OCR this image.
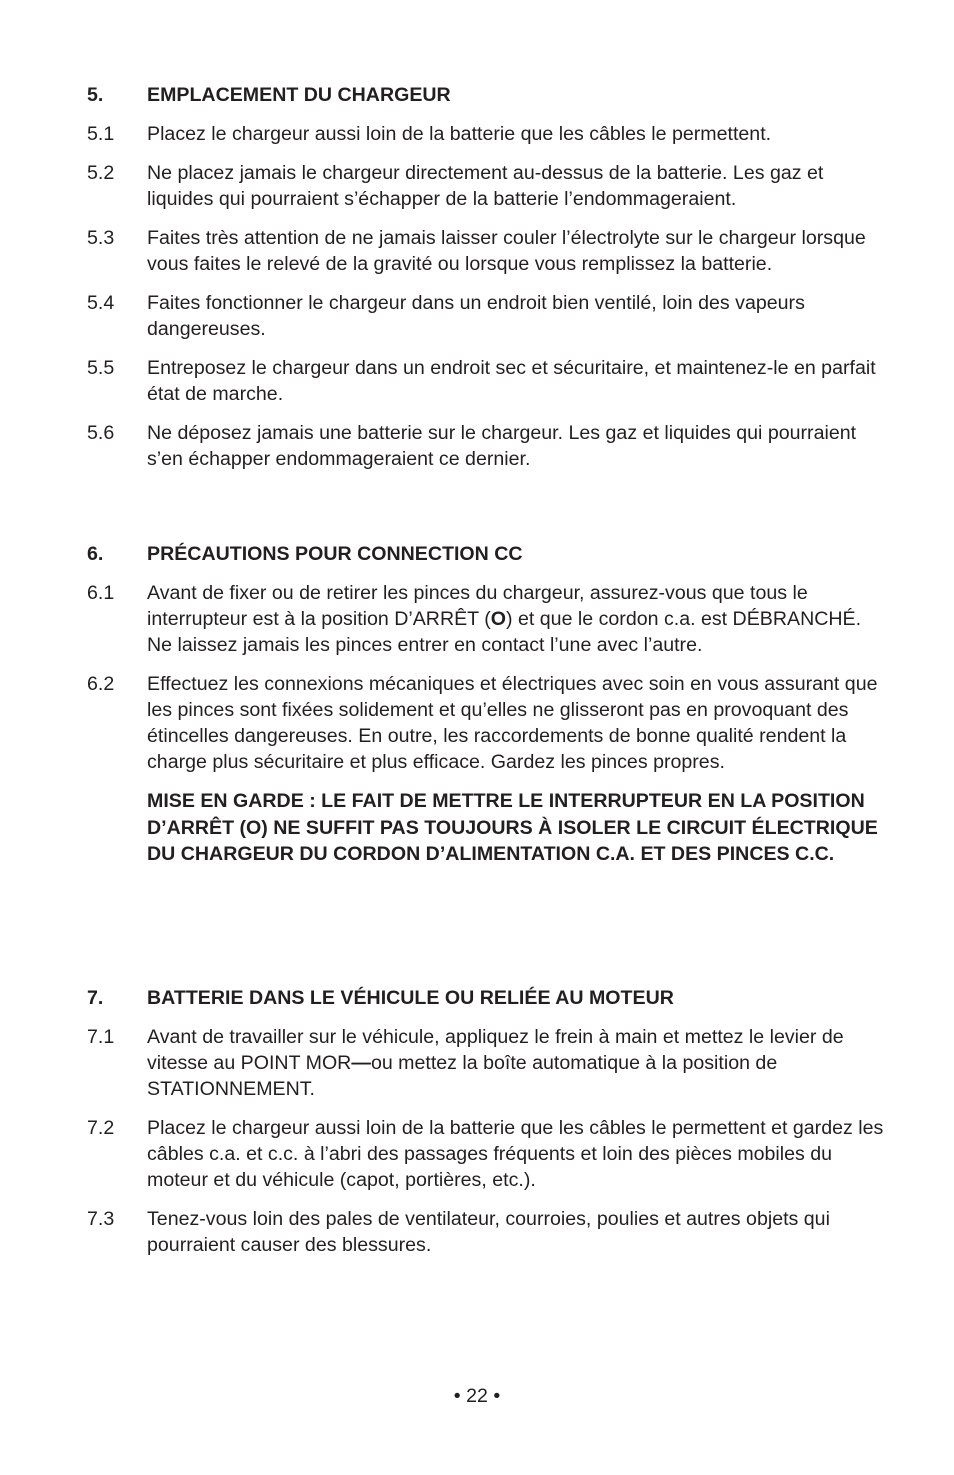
5.	EMPLACEMENT DU CHARGEUR
5.1	Placez le chargeur aussi loin de la batterie que les câbles le permettent.
5.2	Ne placez jamais le chargeur directement au-dessus de la batterie. Les gaz et liquides qui pourraient s’échapper de la batterie l’endommageraient.
5.3	Faites très attention de ne jamais laisser couler l’électrolyte sur le chargeur lorsque vous faites le relevé de la gravité ou lorsque vous remplissez la batterie.
5.4	Faites fonctionner le chargeur dans un endroit bien ventilé, loin des vapeurs dangereuses.
5.5	Entreposez le chargeur dans un endroit sec et sécuritaire, et maintenez-le en parfait état de marche.
5.6	Ne déposez jamais une batterie sur le chargeur. Les gaz et liquides qui pourraient s’en échapper endommageraient ce dernier.
6.	PRÉCAUTIONS POUR CONNECTION CC
6.1	Avant de fixer ou de retirer les pinces du chargeur, assurez-vous que tous le interrupteur est à la position D’ARRÊT (O) et que le cordon c.a. est DÉBRANCHÉ. Ne laissez jamais les pinces entrer en contact l’une avec l’autre.
6.2	Effectuez les connexions mécaniques et électriques avec soin en vous assurant que les pinces sont fixées solidement et qu’elles ne glisseront pas en provoquant des étincelles dangereuses. En outre, les raccordements de bonne qualité rendent la charge plus sécuritaire et plus efficace. Gardez les pinces propres.
MISE EN GARDE : LE FAIT DE METTRE LE INTERRUPTEUR EN LA POSITION D’ARRÊT (O) NE SUFFIT PAS TOUJOURS À ISOLER LE CIRCUIT ÉLECTRIQUE DU CHARGEUR DU CORDON D’ALIMENTATION C.A. ET DES PINCES C.C.
7.	BATTERIE DANS LE VÉHICULE OU RELIÉE AU MOTEUR
7.1	Avant de travailler sur le véhicule, appliquez le frein à main et mettez le levier de vitesse au POINT MOR—ou mettez la boîte automatique à la position de STATIONNEMENT.
7.2	Placez le chargeur aussi loin de la batterie que les câbles le permettent et gardez les câbles c.a. et c.c. à l’abri des passages fréquents et loin des pièces mobiles du moteur et du véhicule (capot, portières, etc.).
7.3	Tenez-vous loin des pales de ventilateur, courroies, poulies et autres objets qui pourraient causer des blessures.
• 22 •
